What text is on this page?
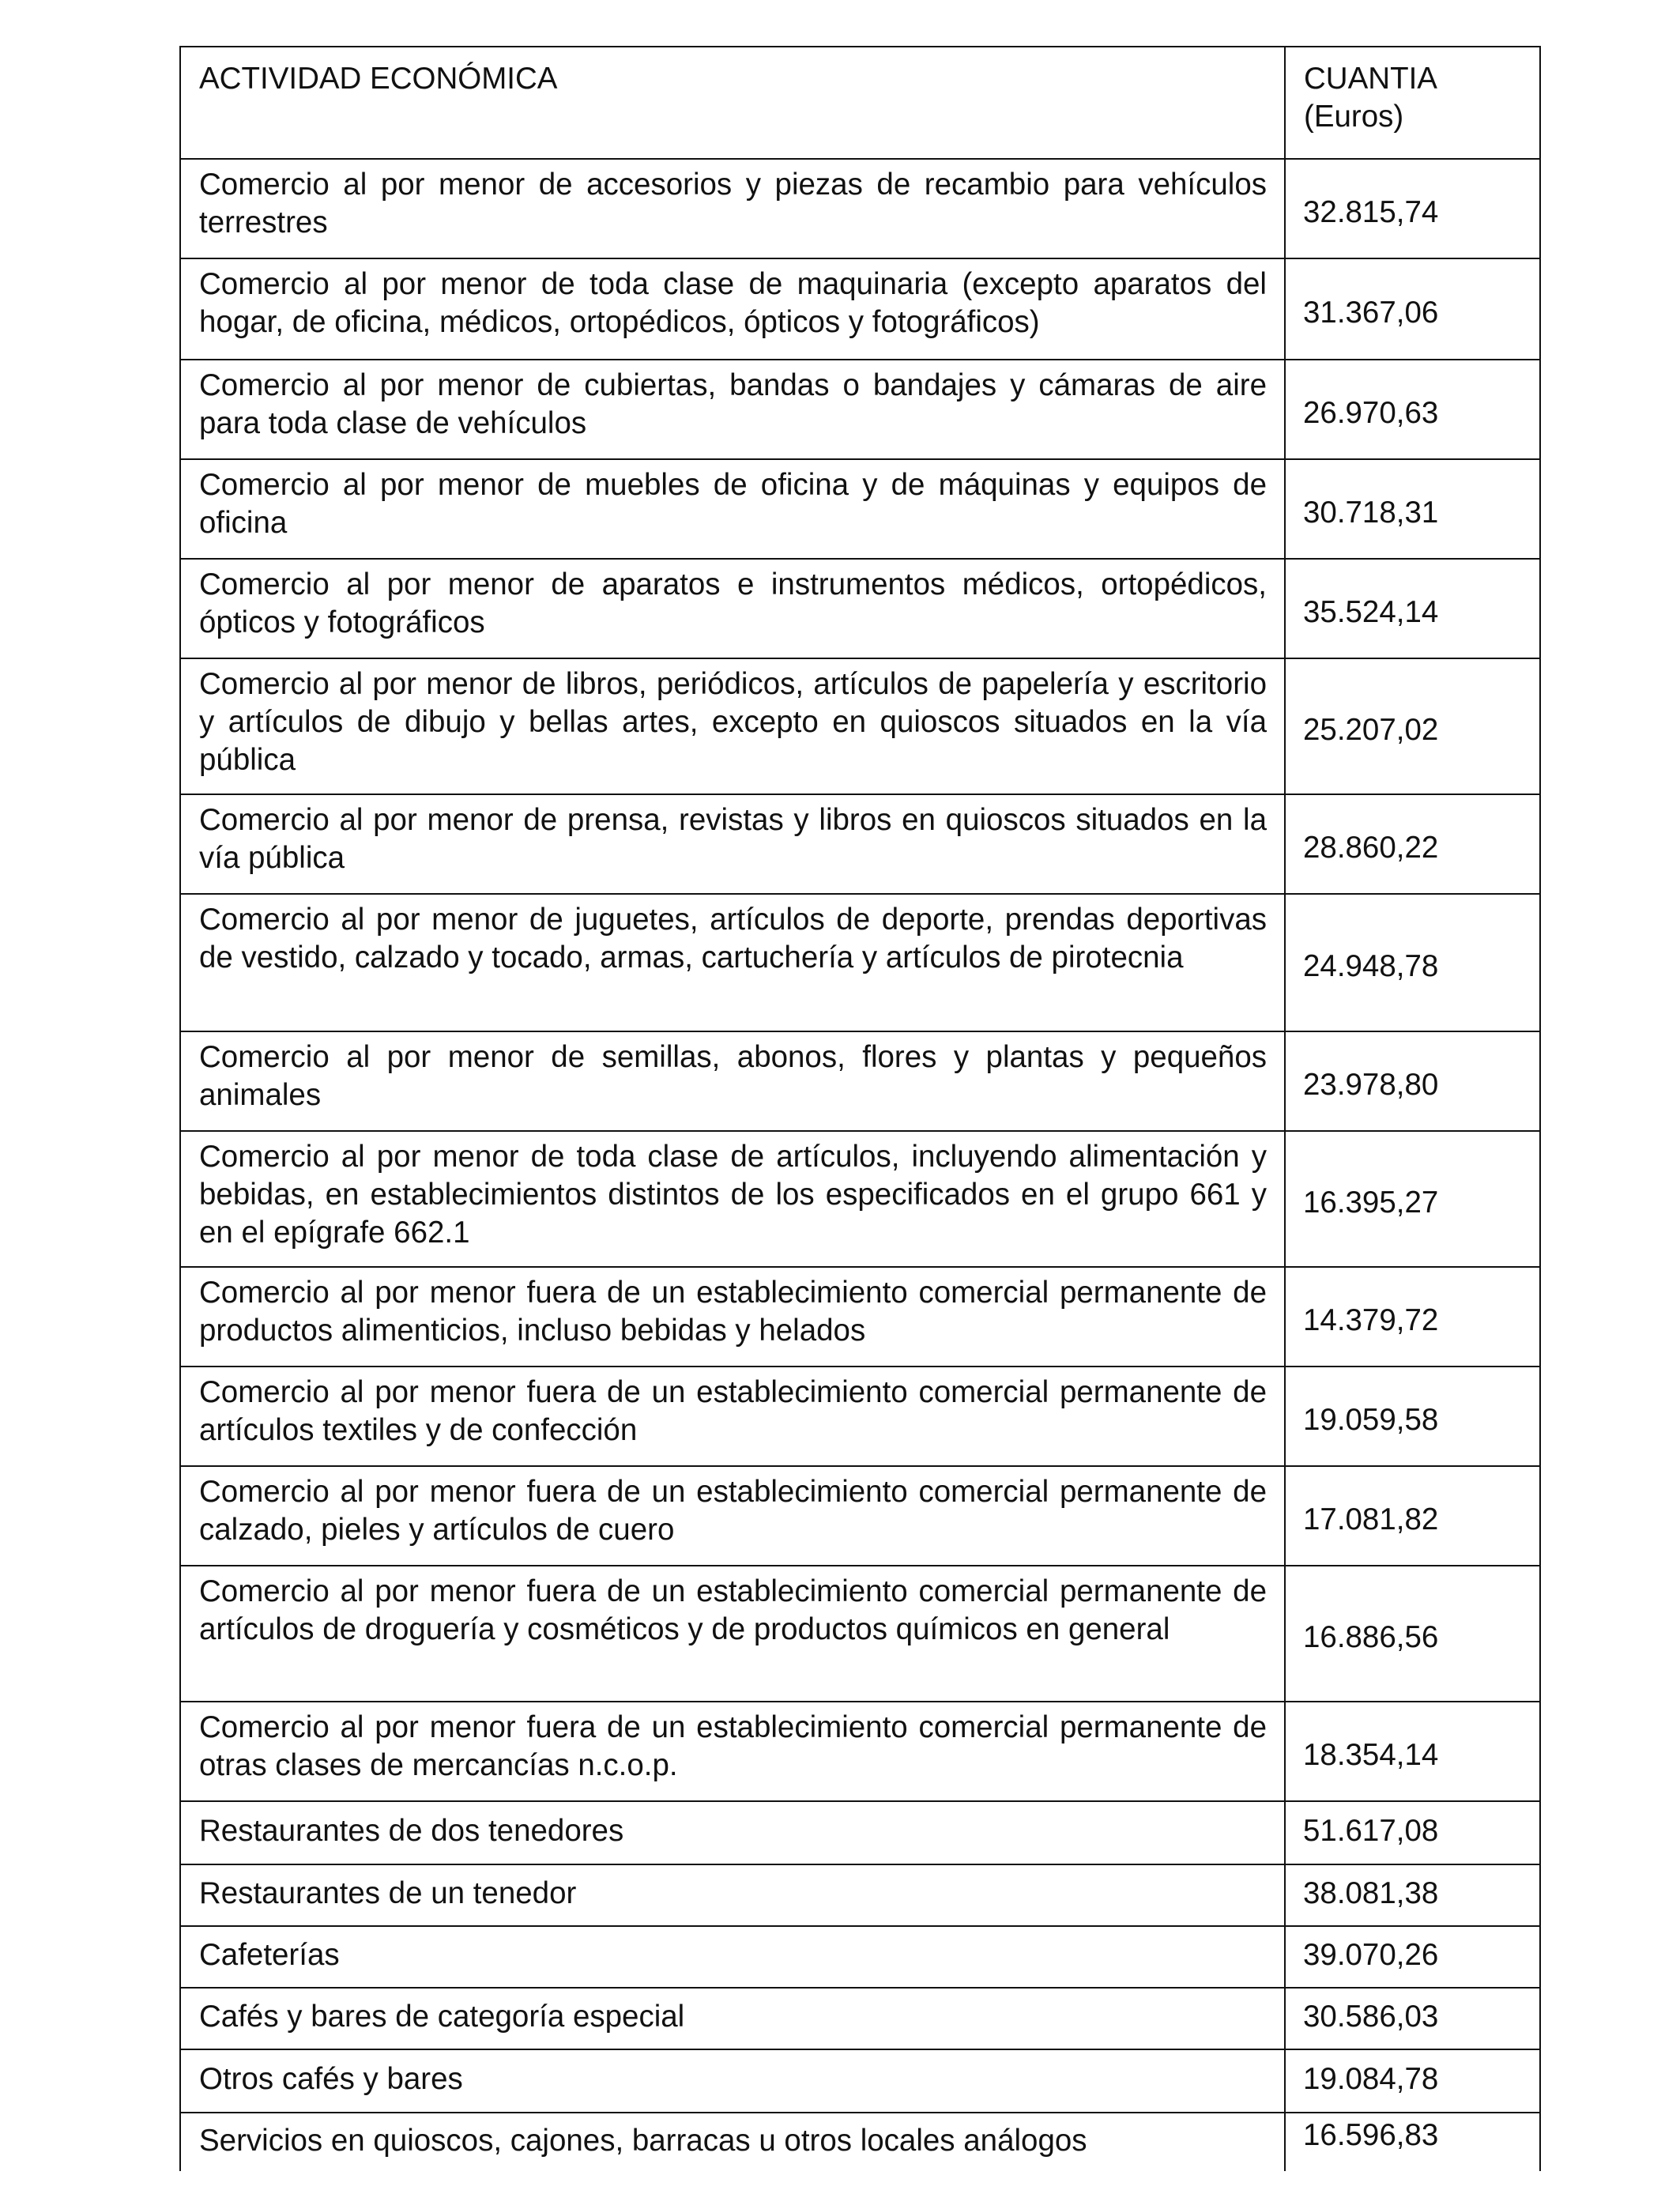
ACTIVIDAD ECONÓMICA	CUANTIA
(Euros)

Comercio al por menor de accesorios y piezas de recambio para vehículos terrestres	32.815,74
Comercio al por menor de toda clase de maquinaria (excepto aparatos del hogar, de oficina, médicos, ortopédicos, ópticos y fotográficos)	31.367,06
Comercio al por menor de cubiertas, bandas o bandajes y cámaras de aire para toda clase de vehículos	26.970,63
Comercio al por menor de muebles de oficina y de máquinas y equipos de oficina	30.718,31
Comercio al por menor de aparatos e instrumentos médicos, ortopédicos, ópticos y fotográficos	35.524,14
Comercio al por menor de libros, periódicos, artículos de papelería y escritorio y artículos de dibujo y bellas artes, excepto en quioscos situados en la vía pública	25.207,02
Comercio al por menor de prensa, revistas y libros en quioscos situados en la vía pública	28.860,22
Comercio al por menor de juguetes, artículos de deporte, prendas deportivas de vestido, calzado y tocado, armas, cartuchería y artículos de pirotecnia	24.948,78
Comercio al por menor de semillas, abonos, flores y plantas y pequeños animales	23.978,80
Comercio al por menor de toda clase de artículos, incluyendo alimentación y bebidas, en establecimientos distintos de los especificados en el grupo 661 y en el epígrafe 662.1	16.395,27
Comercio al por menor fuera de un establecimiento comercial permanente de productos alimenticios, incluso bebidas y helados	14.379,72
Comercio al por menor fuera de un establecimiento comercial permanente de artículos textiles y de confección	19.059,58
Comercio al por menor fuera de un establecimiento comercial permanente de calzado, pieles y artículos de cuero	17.081,82
Comercio al por menor fuera de un establecimiento comercial permanente de artículos de droguería y cosméticos y de productos químicos en general	16.886,56
Comercio al por menor fuera de un establecimiento comercial permanente de otras clases de mercancías n.c.o.p.	18.354,14
Restaurantes de dos tenedores	51.617,08
Restaurantes de un tenedor	38.081,38
Cafeterías	39.070,26
Cafés y bares de categoría especial	30.586,03
Otros cafés y bares	19.084,78
Servicios en quioscos, cajones, barracas u otros locales análogos	16.596,83
